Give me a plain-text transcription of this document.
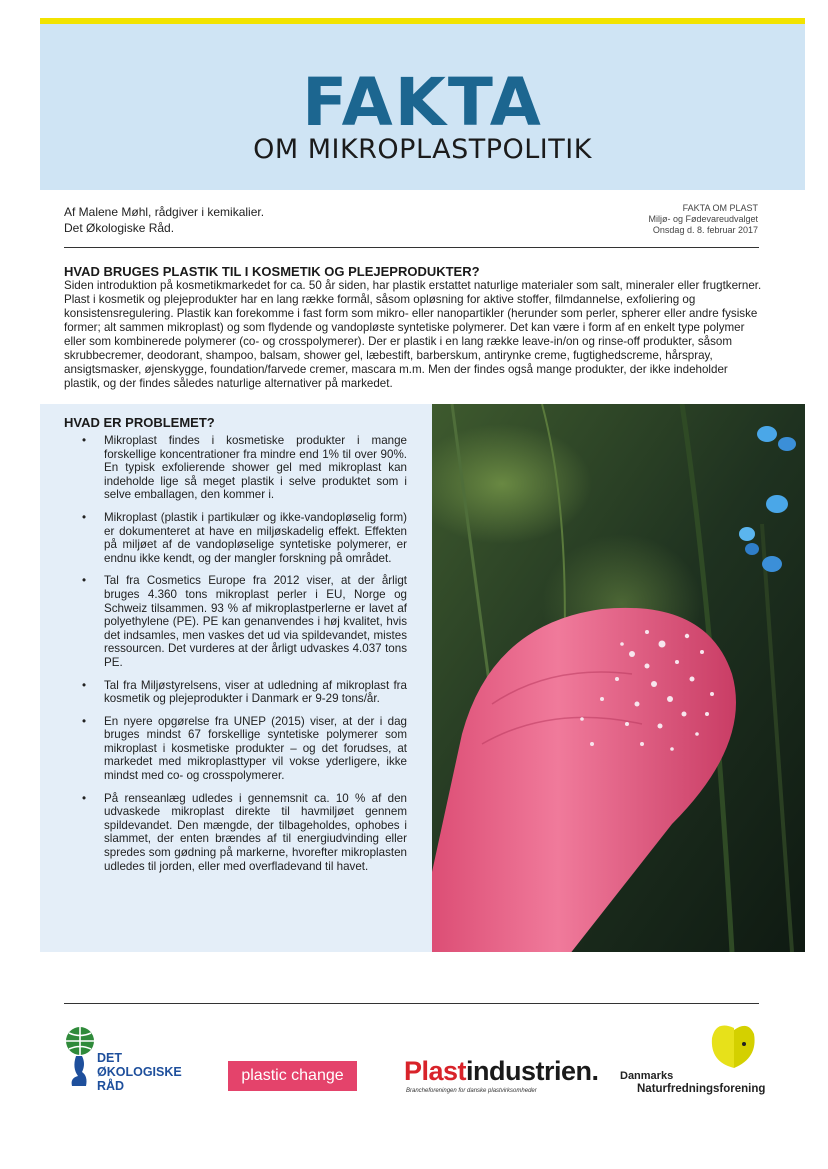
FAKTA
OM MIKROPLASTPOLITIK
Af Malene Møhl, rådgiver i kemikalier.
Det Økologiske Råd.
FAKTA OM PLAST
Miljø- og Fødevareudvalget
Onsdag d. 8. februar 2017
HVAD BRUGES PLASTIK TIL I KOSMETIK OG PLEJEPRODUKTER?

Siden introduktion på kosmetikmarkedet for ca. 50 år siden, har plastik erstattet naturlige materialer som salt, mineraler eller frugtkerner. Plast i kosmetik og plejeprodukter har en lang række formål, såsom opløsning for aktive stoffer, filmdannelse, exfoliering og konsistensregulering. Plastik kan forekomme i fast form som mikro- eller nanopartikler (herunder som perler, spherer eller andre fysiske former; alt sammen mikroplast) og som flydende og vandopløste syntetiske polymerer. Det kan være i form af en enkelt type polymer eller som kombinerede polymerer (co- og crosspolymerer). Der er plastik i en lang række leave-in/on og rinse-off produkter, såsom skrubbecremer, deodorant, shampoo, balsam, shower gel, læbestift, barberskum, antirynke creme, fugtighedscreme, hårspray, ansigtsmasker, øjenskygge, foundation/farvede cremer, mascara m.m. Men der findes også mange produkter, der ikke indeholder plastik, og der findes således naturlige alternativer på markedet.

HVAD ER PROBLEMET?
• Mikroplast findes i kosmetiske produkter i mange forskellige koncentrationer fra mindre end 1% til over 90%. En typisk exfolierende shower gel med mikroplast kan indeholde lige så meget plastik i selve produktet som i selve emballagen, den kommer i.
• Mikroplast (plastik i partikulær og ikke-vandopløselig form) er dokumenteret at have en miljøskadelig effekt. Effekten på miljøet af de vandopløselige syntetiske polymerer, er endnu ikke kendt, og der mangler forskning på området.
• Tal fra Cosmetics Europe fra 2012 viser, at der årligt bruges 4.360 tons mikroplast perler i EU, Norge og Schweiz tilsammen. 93 % af mikroplastperlerne er lavet af polyethylene (PE). PE kan genanvendes i høj kvalitet, hvis det indsamles, men vaskes det ud via spildevandet, mistes ressourcen. Det vurderes at der årligt udvaskes 4.037 tons PE.
• Tal fra Miljøstyrelsens, viser at udledning af mikroplast fra kosmetik og plejeprodukter i Danmark er 9-29 tons/år.
• En nyere opgørelse fra UNEP (2015) viser, at der i dag bruges mindst 67 forskellige syntetiske polymerer som mikroplast i kosmetiske produkter – og det forudses, at markedet med mikroplasttyper vil vokse yderligere, ikke mindst med co- og crosspolymerer.
• På renseanlæg udledes i gennemsnit ca. 10 % af den udvaskede mikroplast direkte til havmiljøet gennem spildevandet. Den mængde, der tilbageholdes, ophobes i slammet, der enten brændes af til energiudvinding eller spredes som gødning på markerne, hvorefter mikroplasten udledes til jorden, eller med overfladevand til havet.
DET
ØKOLOGISKE
RÅD
plastic change	Plastindustrien.
Brancheforeningen for danske plastvirksomheder
Danmarks
Naturfredningsforening
